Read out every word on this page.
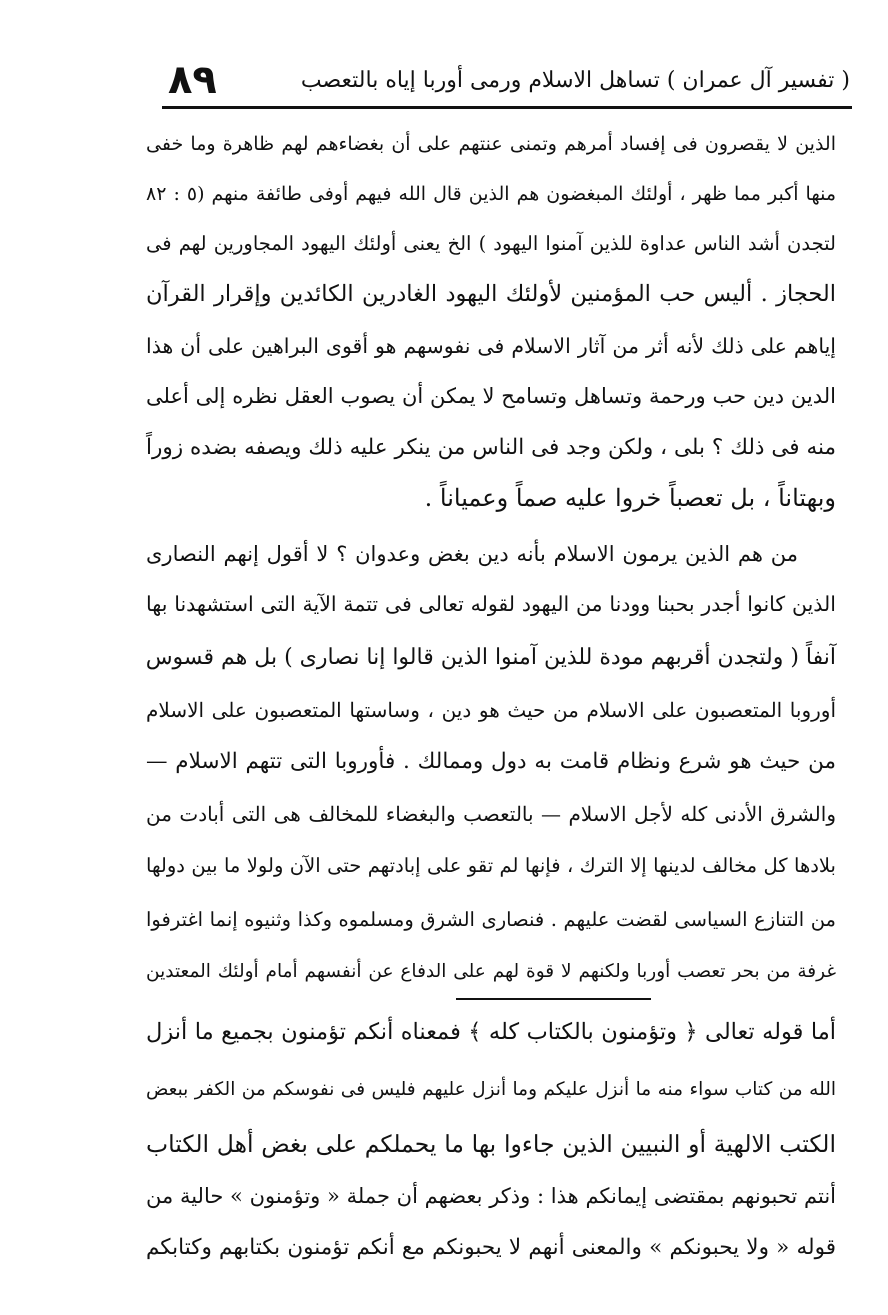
( تفسير آل عمران ) تساهل الاسلام ورمى أوربا إياه بالتعصب
٨٩
الذين لا يقصرون فى إفساد أمرهم وتمنى عنتهم على أن بغضاءهم لهم ظاهرة وما خفى
منها أكبر مما ظهر ، أولئك المبغضون هم الذين قال الله فيهم أوفى طائفة منهم (٥ : ٨٢
لتجدن أشد الناس عداوة للذين آمنوا اليهود ) الخ يعنى أولئك اليهود المجاورين لهم فى
الحجاز . أليس حب المؤمنين لأولئك اليهود الغادرين الكائدين وإقرار القرآن
إياهم على ذلك لأنه أثر من آثار الاسلام فى نفوسهم هو أقوى البراهين على أن هذا
الدين دين حب ورحمة وتساهل وتسامح لا يمكن أن يصوب العقل نظره إلى أعلى
منه فى ذلك ؟ بلى ، ولكن وجد فى الناس من ينكر عليه ذلك ويصفه بضده زوراً
وبهتاناً ، بل تعصباً خروا عليه صماً وعمياناً .
من هم الذين يرمون الاسلام بأنه دين بغض وعدوان ؟ لا أقول إنهم النصارى
الذين كانوا أجدر بحبنا وودنا من اليهود لقوله تعالى فى تتمة الآية التى استشهدنا بها
آنفاً ( ولتجدن أقربهم مودة للذين آمنوا الذين قالوا إنا نصارى ) بل هم قسوس
أوروبا المتعصبون على الاسلام من حيث هو دين ، وساستها المتعصبون على الاسلام
من حيث هو شرع ونظام قامت به دول وممالك . فأوروبا التى تتهم الاسلام —
والشرق الأدنى كله لأجل الاسلام — بالتعصب والبغضاء للمخالف هى التى أبادت من
بلادها كل مخالف لدينها إلا الترك ، فإنها لم تقو على إبادتهم حتى الآن ولولا ما بين دولها
من التنازع السياسى لقضت عليهم . فنصارى الشرق ومسلموه وكذا وثنيوه إنما اغترفوا
غرفة من بحر تعصب أوربا ولكنهم لا قوة لهم على الدفاع عن أنفسهم أمام أولئك المعتدين
أما قوله تعالى ﴿ وتؤمنون بالكتاب كله ﴾ فمعناه أنكم تؤمنون بجميع ما أنزل
الله من كتاب سواء منه ما أنزل عليكم وما أنزل عليهم فليس فى نفوسكم من الكفر ببعض
الكتب الالهية أو النبيين الذين جاءوا بها ما يحملكم على بغض أهل الكتاب
أنتم تحبونهم بمقتضى إيمانكم هذا : وذكر بعضهم أن جملة « وتؤمنون » حالية من
قوله « ولا يحبونكم » والمعنى أنهم لا يحبونكم مع أنكم تؤمنون بكتابهم وكتابكم
